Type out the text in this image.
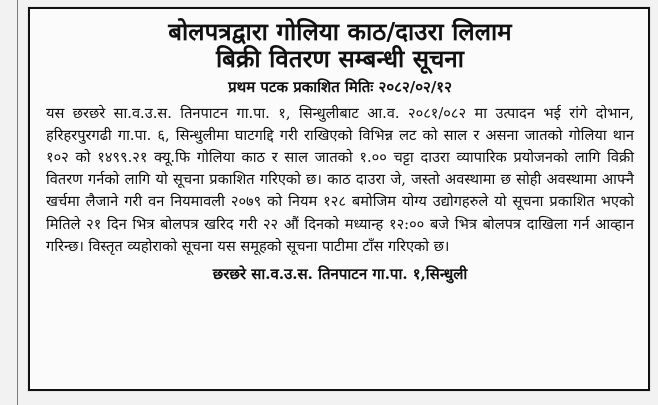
बोलपत्रद्वारा गोलिया काठ/दाउरा लिलाम
बिक्री वितरण सम्बन्धी सूचना
प्रथम पटक प्रकाशित मितिः २०८२/०२/१२

यस छरछरे सा.व.उ.स. तिनपाटन गा.पा. १, सिन्धुलीबाट आ.व. २०८१/०८२ मा उत्पादन भई रांगे दोभान, हरिहरपुरगढी गा.पा. ६, सिन्धुलीमा घाटगद्दि गरी राखिएको विभिन्न लट को साल र असना जातको गोलिया थान १०२ को १४९९.२१ क्यू.फि गोलिया काठ र साल जातको १.०० चट्टा दाउरा व्यापारिक प्रयोजनको लागि विक्री वितरण गर्नको लागि यो सूचना प्रकाशित गरिएको छ। काठ दाउरा जे, जस्तो अवस्थामा छ सोही अवस्थामा आफ्नै खर्चमा लैजाने गरी वन नियमावली २०७९ को नियम १२८ बमोजिम योग्य उद्योगहरुले यो सूचना प्रकाशित भएको मितिले २१ दिन भित्र बोलपत्र खरिद गरी २२ औं दिनको मध्यान्ह १२:०० बजे भित्र बोलपत्र दाखिला गर्न आव्हान गरिन्छ। विस्तृत व्यहोराको सूचना यस समूहको सूचना पाटीमा टाँस गरिएको छ।

छरछरे सा.व.उ.स. तिनपाटन गा.पा. १,सिन्धुली
